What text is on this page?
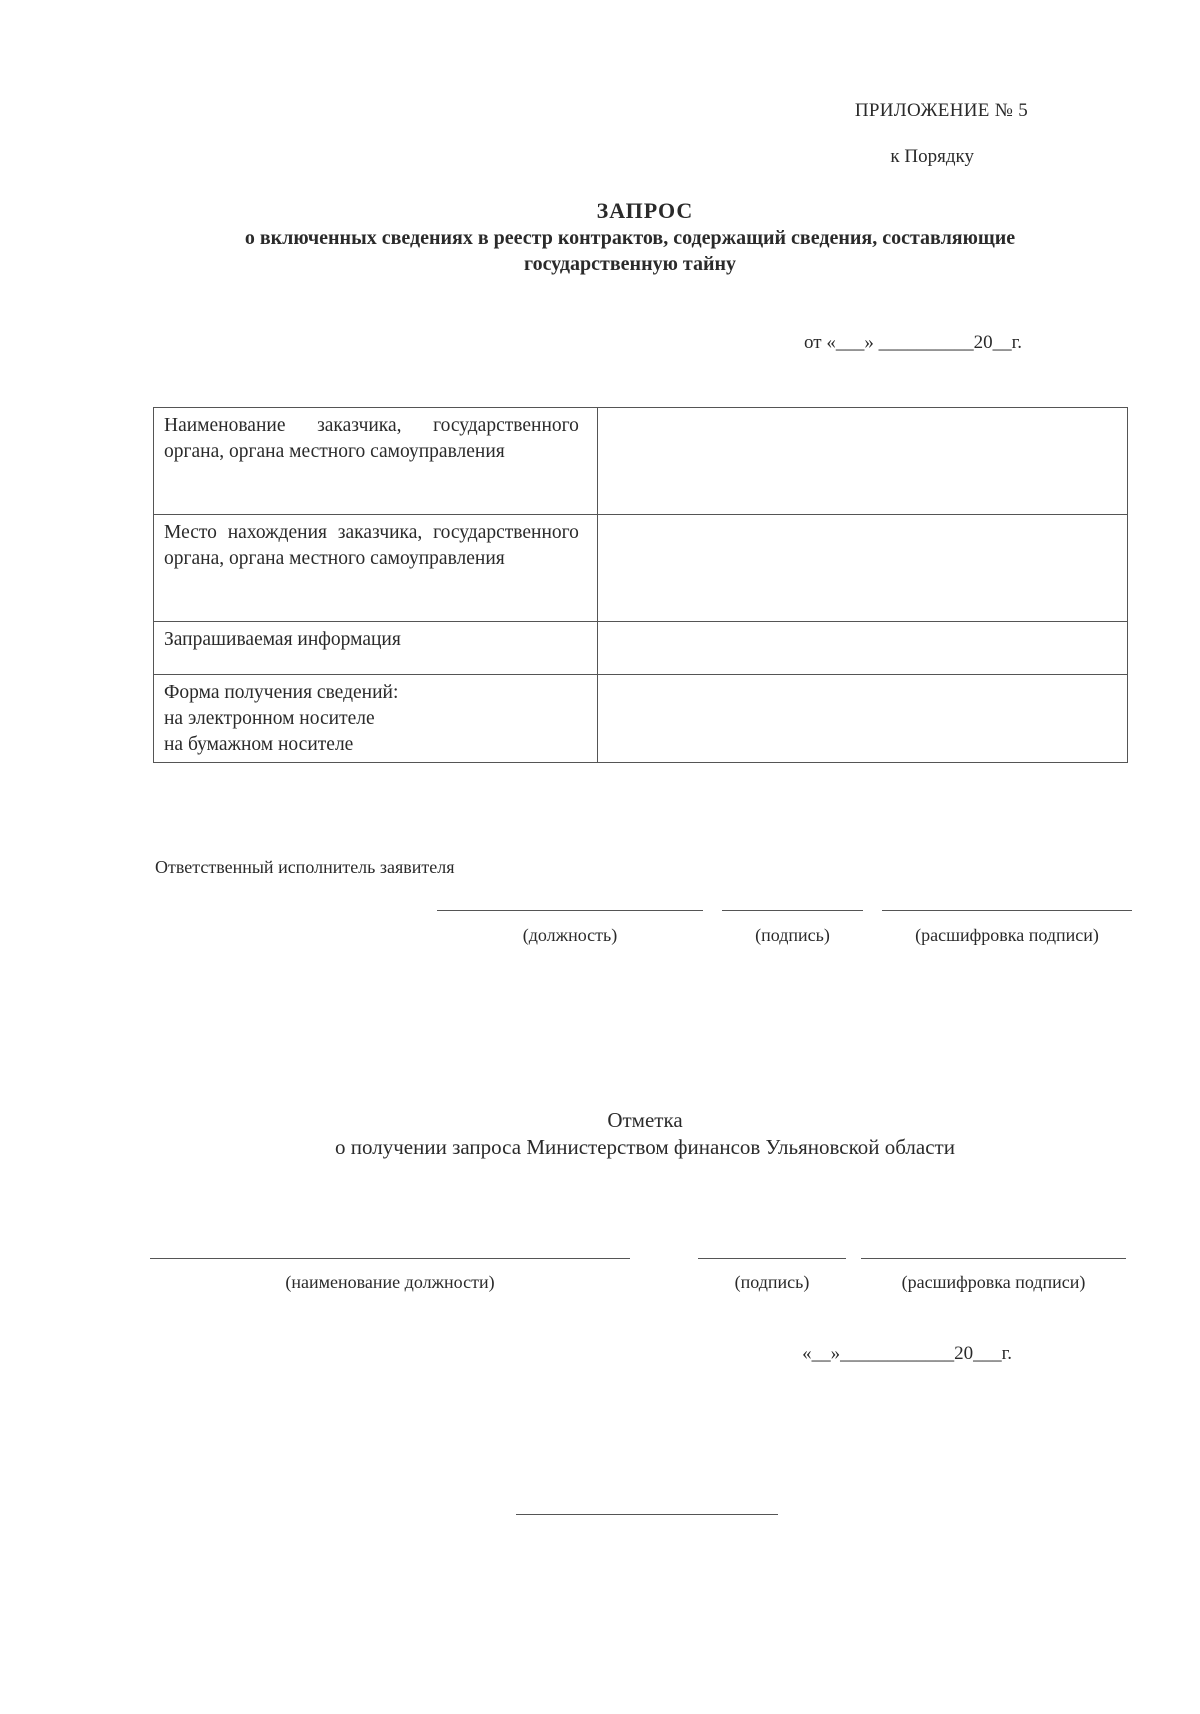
ПРИЛОЖЕНИЕ № 5
к Порядку
ЗАПРОС
о включенных сведениях в реестр контрактов, содержащий сведения, составляющие государственную тайну
от «___» __________20__г.
Наименование заказчика, государственного органа, органа местного самоуправления	
Место нахождения заказчика, государственного органа, органа местного самоуправления	
Запрашиваемая информация	

Форма получения сведений:
на электронном носителе
на бумажном носителе	

Ответственный исполнитель заявителя
(должность)	(подпись)	(расшифровка подписи)
Отметка
о получении запроса Министерством финансов Ульяновской области
(наименование должности)	(подпись)	(расшифровка подписи)
«__»____________20___г.
